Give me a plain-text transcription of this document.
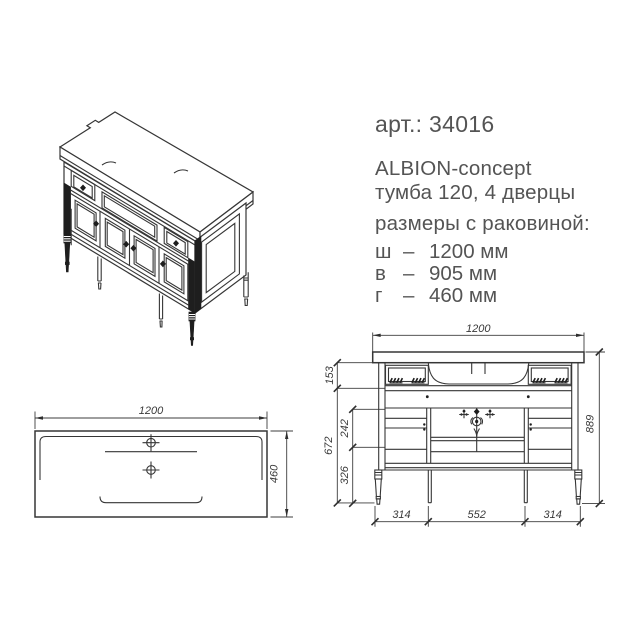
арт.: 34016
ALBION-concept
тумба 120, 4 дверцы
размеры с раковиной:
ш – 1200 мм
в – 905 мм
г	– 460 мм
1200
460
1200
889
153
672
242
326
314	552	314
